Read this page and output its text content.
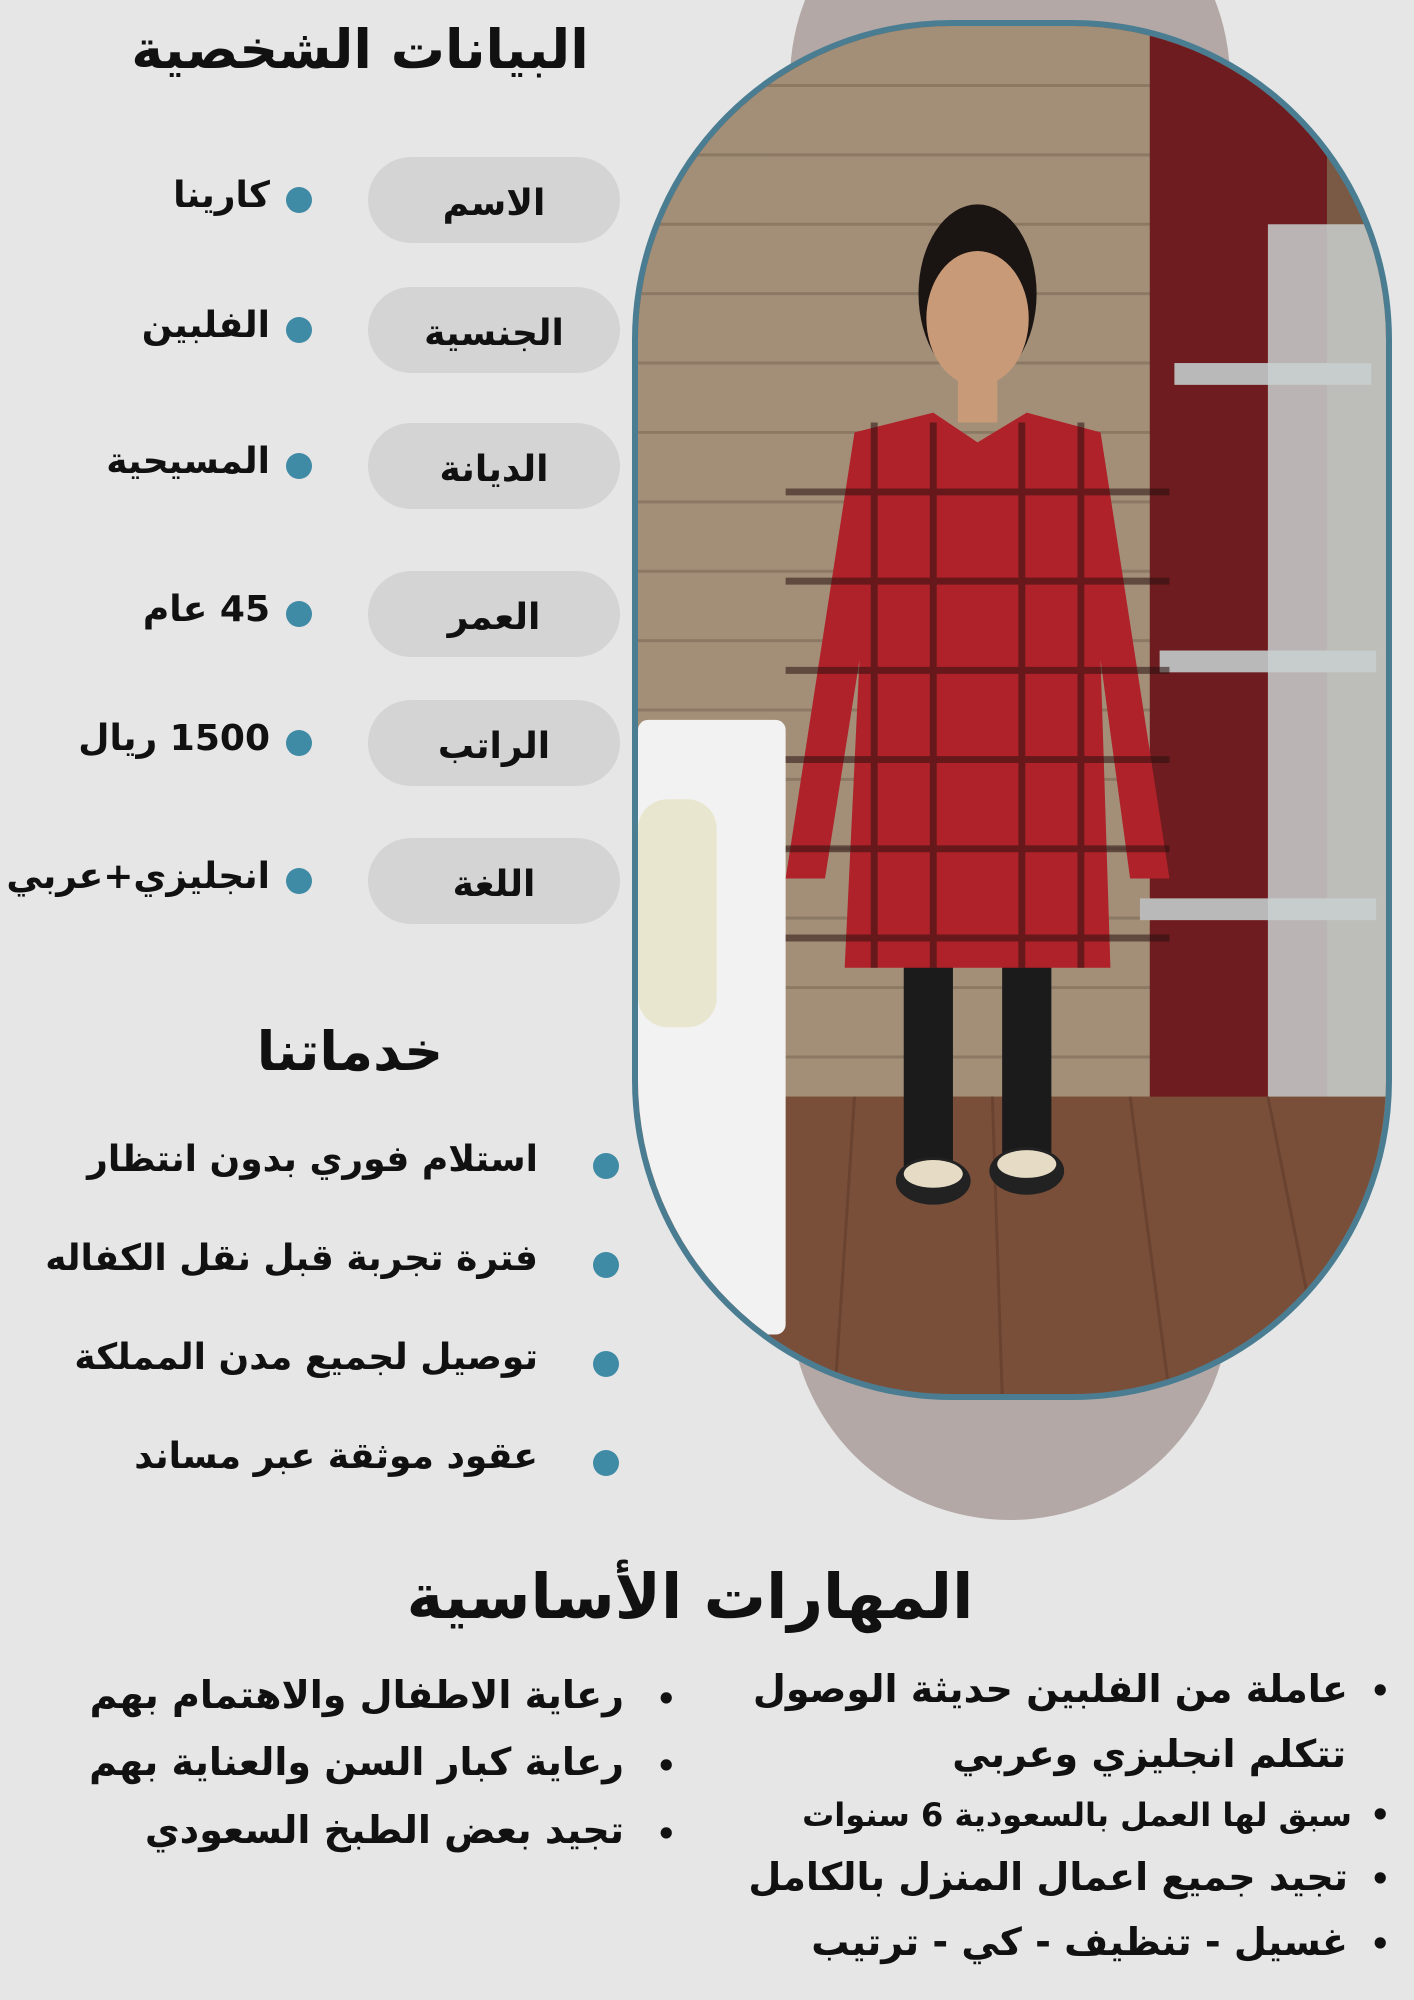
البيانات الشخصية
الاسم
كارينا
الجنسية
الفلبين
الديانة
المسيحية
العمر
45 عام
الراتب
1500 ريال
اللغة
انجليزي+عربي
خدماتنا
استلام فوري بدون انتظار
فترة تجربة قبل نقل الكفاله
توصيل لجميع مدن المملكة
عقود موثقة عبر مساند
المهارات الأساسية
رعاية الاطفال والاهتمام بهم •
رعاية كبار السن والعناية بهم •
تجيد بعض الطبخ السعودي •
عاملة من الفلبين حديثة الوصول •
تتكلم انجليزي وعربي
سبق لها العمل بالسعودية 6 سنوات •
تجيد جميع اعمال المنزل بالكامل •
غسيل - تنظيف - كي - ترتيب •
